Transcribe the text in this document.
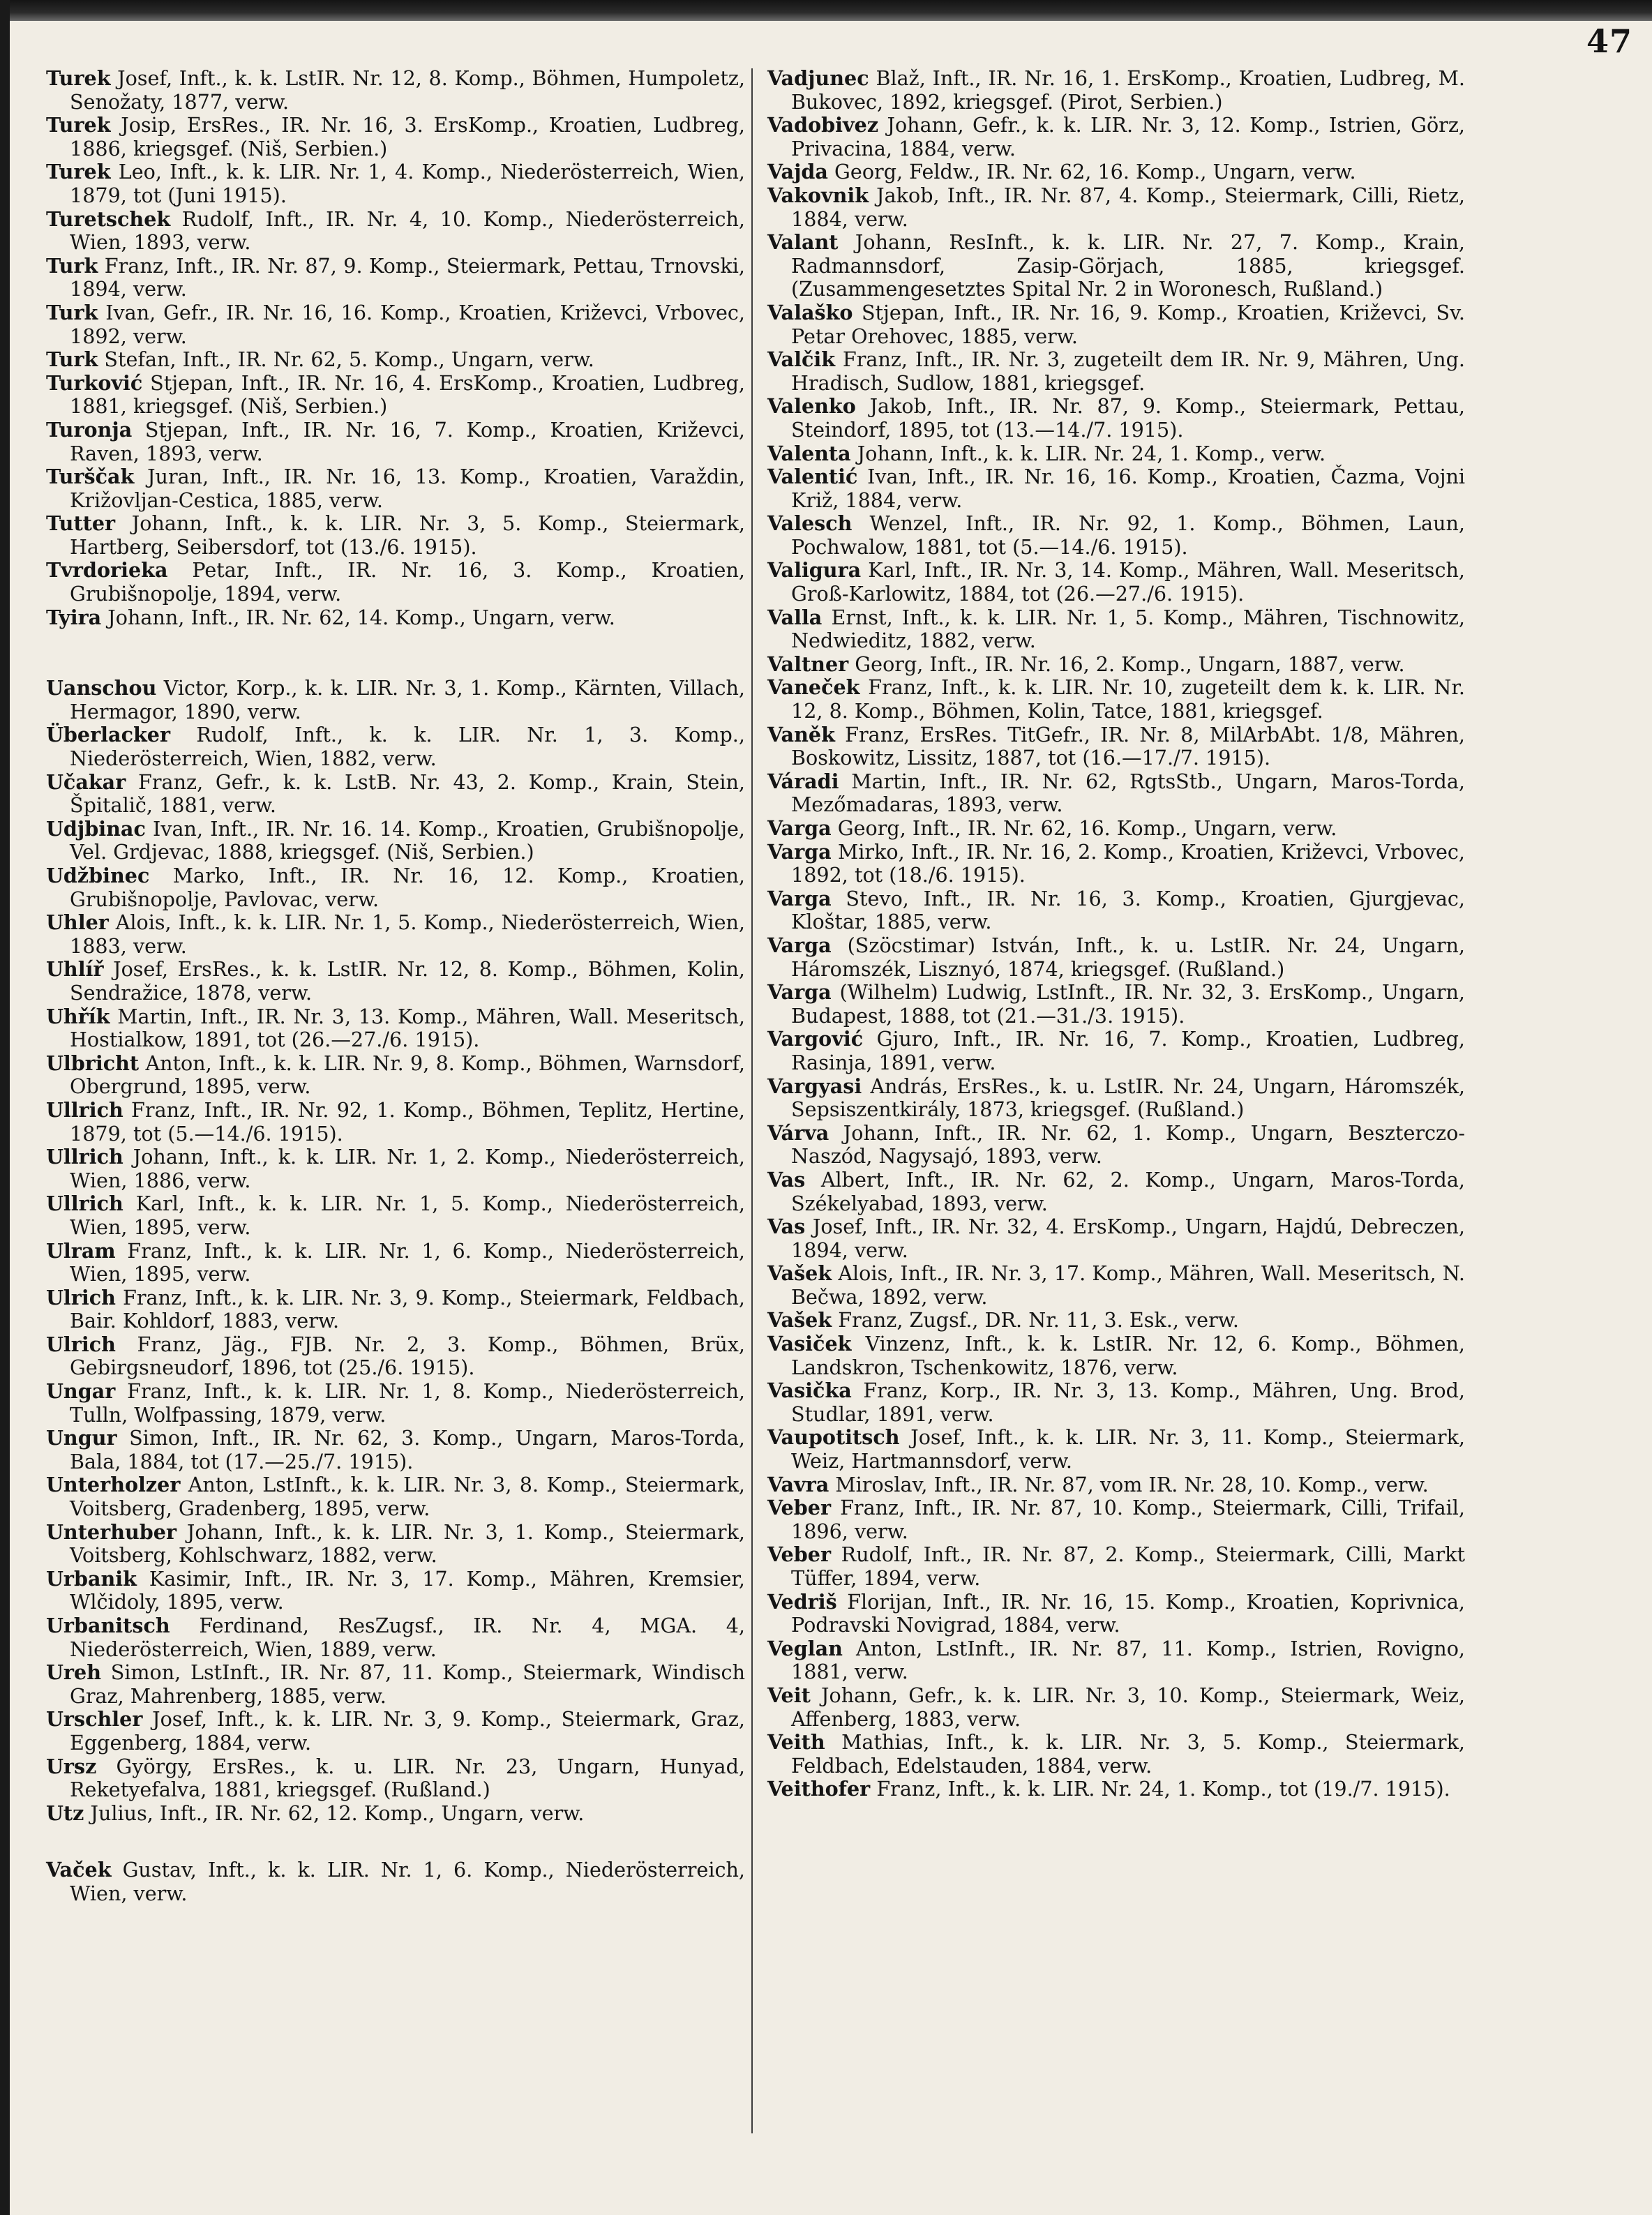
47

Turek Josef, Inft., k. k. LstIR. Nr. 12, 8. Komp., Böhmen, Humpoletz, Senožaty, 1877, verw.

Turek Josip, ErsRes., IR. Nr. 16, 3. ErsKomp., Kroatien, Ludbreg, 1886, kriegsgef. (Niš, Serbien.)

Turek Leo, Inft., k. k. LIR. Nr. 1, 4. Komp., Niederösterreich, Wien, 1879, tot (Juni 1915).

Turetschek Rudolf, Inft., IR. Nr. 4, 10. Komp., Niederösterreich, Wien, 1893, verw.

Turk Franz, Inft., IR. Nr. 87, 9. Komp., Steiermark, Pettau, Trnovski, 1894, verw.

Turk Ivan, Gefr., IR. Nr. 16, 16. Komp., Kroatien, Križevci, Vrbovec, 1892, verw.

Turk Stefan, Inft., IR. Nr. 62, 5. Komp., Ungarn, verw.

Turković Stjepan, Inft., IR. Nr. 16, 4. ErsKomp., Kroatien, Ludbreg, 1881, kriegsgef. (Niš, Serbien.)

Turonja Stjepan, Inft., IR. Nr. 16, 7. Komp., Kroatien, Križevci, Raven, 1893, verw.

Turščak Juran, Inft., IR. Nr. 16, 13. Komp., Kroatien, Varaždin, Križovljan-Cestica, 1885, verw.

Tutter Johann, Inft., k. k. LIR. Nr. 3, 5. Komp., Steiermark, Hartberg, Seibersdorf, tot (13./6. 1915).

Tvrdorieka Petar, Inft., IR. Nr. 16, 3. Komp., Kroatien, Grubišnopolje, 1894, verw.

Tyira Johann, Inft., IR. Nr. 62, 14. Komp., Ungarn, verw.

Uanschou Victor, Korp., k. k. LIR. Nr. 3, 1. Komp., Kärnten, Villach, Hermagor, 1890, verw.

Überlacker Rudolf, Inft., k. k. LIR. Nr. 1, 3. Komp., Niederösterreich, Wien, 1882, verw.

Učakar Franz, Gefr., k. k. LstB. Nr. 43, 2. Komp., Krain, Stein, Špitalič, 1881, verw.

Udjbinac Ivan, Inft., IR. Nr. 16. 14. Komp., Kroatien, Grubišnopolje, Vel. Grdjevac, 1888, kriegsgef. (Niš, Serbien.)

Udžbinec Marko, Inft., IR. Nr. 16, 12. Komp., Kroatien, Grubišnopolje, Pavlovac, verw.

Uhler Alois, Inft., k. k. LIR. Nr. 1, 5. Komp., Niederösterreich, Wien, 1883, verw.

Uhlíř Josef, ErsRes., k. k. LstIR. Nr. 12, 8. Komp., Böhmen, Kolin, Sendražice, 1878, verw.

Uhřík Martin, Inft., IR. Nr. 3, 13. Komp., Mähren, Wall. Meseritsch, Hostialkow, 1891, tot (26.—27./6. 1915).

Ulbricht Anton, Inft., k. k. LIR. Nr. 9, 8. Komp., Böhmen, Warnsdorf, Obergrund, 1895, verw.

Ullrich Franz, Inft., IR. Nr. 92, 1. Komp., Böhmen, Teplitz, Hertine, 1879, tot (5.—14./6. 1915).

Ullrich Johann, Inft., k. k. LIR. Nr. 1, 2. Komp., Niederösterreich, Wien, 1886, verw.

Ullrich Karl, Inft., k. k. LIR. Nr. 1, 5. Komp., Niederösterreich, Wien, 1895, verw.

Ulram Franz, Inft., k. k. LIR. Nr. 1, 6. Komp., Niederösterreich, Wien, 1895, verw.

Ulrich Franz, Inft., k. k. LIR. Nr. 3, 9. Komp., Steiermark, Feldbach, Bair. Kohldorf, 1883, verw.

Ulrich Franz, Jäg., FJB. Nr. 2, 3. Komp., Böhmen, Brüx, Gebirgsneudorf, 1896, tot (25./6. 1915).

Ungar Franz, Inft., k. k. LIR. Nr. 1, 8. Komp., Niederösterreich, Tulln, Wolfpassing, 1879, verw.

Ungur Simon, Inft., IR. Nr. 62, 3. Komp., Ungarn, Maros-Torda, Bala, 1884, tot (17.—25./7. 1915).

Unterholzer Anton, LstInft., k. k. LIR. Nr. 3, 8. Komp., Steiermark, Voitsberg, Gradenberg, 1895, verw.

Unterhuber Johann, Inft., k. k. LIR. Nr. 3, 1. Komp., Steiermark, Voitsberg, Kohlschwarz, 1882, verw.

Urbanik Kasimir, Inft., IR. Nr. 3, 17. Komp., Mähren, Kremsier, Wlčidoly, 1895, verw.

Urbanitsch Ferdinand, ResZugsf., IR. Nr. 4, MGA. 4, Niederösterreich, Wien, 1889, verw.

Ureh Simon, LstInft., IR. Nr. 87, 11. Komp., Steiermark, Windisch Graz, Mahrenberg, 1885, verw.

Urschler Josef, Inft., k. k. LIR. Nr. 3, 9. Komp., Steiermark, Graz, Eggenberg, 1884, verw.

Ursz György, ErsRes., k. u. LIR. Nr. 23, Ungarn, Hunyad, Reketyefalva, 1881, kriegsgef. (Rußland.)

Utz Julius, Inft., IR. Nr. 62, 12. Komp., Ungarn, verw.

Vaček Gustav, Inft., k. k. LIR. Nr. 1, 6. Komp., Niederösterreich, Wien, verw.

Vadjunec Blaž, Inft., IR. Nr. 16, 1. ErsKomp., Kroatien, Ludbreg, M. Bukovec, 1892, kriegsgef. (Pirot, Serbien.)

Vadobivez Johann, Gefr., k. k. LIR. Nr. 3, 12. Komp., Istrien, Görz, Privacina, 1884, verw.

Vajda Georg, Feldw., IR. Nr. 62, 16. Komp., Ungarn, verw.

Vakovnik Jakob, Inft., IR. Nr. 87, 4. Komp., Steiermark, Cilli, Rietz, 1884, verw.

Valant Johann, ResInft., k. k. LIR. Nr. 27, 7. Komp., Krain, Radmannsdorf, Zasip-Görjach, 1885, kriegsgef. (Zusammengesetztes Spital Nr. 2 in Woronesch, Rußland.)

Valaško Stjepan, Inft., IR. Nr. 16, 9. Komp., Kroatien, Križevci, Sv. Petar Orehovec, 1885, verw.

Valčik Franz, Inft., IR. Nr. 3, zugeteilt dem IR. Nr. 9, Mähren, Ung. Hradisch, Sudlow, 1881, kriegsgef.

Valenko Jakob, Inft., IR. Nr. 87, 9. Komp., Steiermark, Pettau, Steindorf, 1895, tot (13.—14./7. 1915).

Valenta Johann, Inft., k. k. LIR. Nr. 24, 1. Komp., verw.

Valentić Ivan, Inft., IR. Nr. 16, 16. Komp., Kroatien, Čazma, Vojni Križ, 1884, verw.

Valesch Wenzel, Inft., IR. Nr. 92, 1. Komp., Böhmen, Laun, Pochwalow, 1881, tot (5.—14./6. 1915).

Valigura Karl, Inft., IR. Nr. 3, 14. Komp., Mähren, Wall. Meseritsch, Groß-Karlowitz, 1884, tot (26.—27./6. 1915).

Valla Ernst, Inft., k. k. LIR. Nr. 1, 5. Komp., Mähren, Tischnowitz, Nedwieditz, 1882, verw.

Valtner Georg, Inft., IR. Nr. 16, 2. Komp., Ungarn, 1887, verw.

Vaneček Franz, Inft., k. k. LIR. Nr. 10, zugeteilt dem k. k. LIR. Nr. 12, 8. Komp., Böhmen, Kolin, Tatce, 1881, kriegsgef.

Vaněk Franz, ErsRes. TitGefr., IR. Nr. 8, MilArbAbt. 1/8, Mähren, Boskowitz, Lissitz, 1887, tot (16.—17./7. 1915).

Váradi Martin, Inft., IR. Nr. 62, RgtsStb., Ungarn, Maros-Torda, Mezőmadaras, 1893, verw.

Varga Georg, Inft., IR. Nr. 62, 16. Komp., Ungarn, verw.

Varga Mirko, Inft., IR. Nr. 16, 2. Komp., Kroatien, Križevci, Vrbovec, 1892, tot (18./6. 1915).

Varga Stevo, Inft., IR. Nr. 16, 3. Komp., Kroatien, Gjurgjevac, Kloštar, 1885, verw.

Varga (Szöcstimar) István, Inft., k. u. LstIR. Nr. 24, Ungarn, Háromszék, Lisznyó, 1874, kriegsgef. (Rußland.)

Varga (Wilhelm) Ludwig, LstInft., IR. Nr. 32, 3. ErsKomp., Ungarn, Budapest, 1888, tot (21.—31./3. 1915).

Vargović Gjuro, Inft., IR. Nr. 16, 7. Komp., Kroatien, Ludbreg, Rasinja, 1891, verw.

Vargyasi András, ErsRes., k. u. LstIR. Nr. 24, Ungarn, Háromszék, Sepsiszentkirály, 1873, kriegsgef. (Rußland.)

Várva Johann, Inft., IR. Nr. 62, 1. Komp., Ungarn, Beszterczo-Naszód, Nagysajó, 1893, verw.

Vas Albert, Inft., IR. Nr. 62, 2. Komp., Ungarn, Maros-Torda, Székelyabad, 1893, verw.

Vas Josef, Inft., IR. Nr. 32, 4. ErsKomp., Ungarn, Hajdú, Debreczen, 1894, verw.

Vašek Alois, Inft., IR. Nr. 3, 17. Komp., Mähren, Wall. Meseritsch, N. Bečwa, 1892, verw.

Vašek Franz, Zugsf., DR. Nr. 11, 3. Esk., verw.

Vasiček Vinzenz, Inft., k. k. LstIR. Nr. 12, 6. Komp., Böhmen, Landskron, Tschenkowitz, 1876, verw.

Vasička Franz, Korp., IR. Nr. 3, 13. Komp., Mähren, Ung. Brod, Studlar, 1891, verw.

Vaupotitsch Josef, Inft., k. k. LIR. Nr. 3, 11. Komp., Steiermark, Weiz, Hartmannsdorf, verw.

Vavra Miroslav, Inft., IR. Nr. 87, vom IR. Nr. 28, 10. Komp., verw.

Veber Franz, Inft., IR. Nr. 87, 10. Komp., Steiermark, Cilli, Trifail, 1896, verw.

Veber Rudolf, Inft., IR. Nr. 87, 2. Komp., Steiermark, Cilli, Markt Tüffer, 1894, verw.

Vedriš Florijan, Inft., IR. Nr. 16, 15. Komp., Kroatien, Koprivnica, Podravski Novigrad, 1884, verw.

Veglan Anton, LstInft., IR. Nr. 87, 11. Komp., Istrien, Rovigno, 1881, verw.

Veit Johann, Gefr., k. k. LIR. Nr. 3, 10. Komp., Steiermark, Weiz, Affenberg, 1883, verw.

Veith Mathias, Inft., k. k. LIR. Nr. 3, 5. Komp., Steiermark, Feldbach, Edelstauden, 1884, verw.

Veithofer Franz, Inft., k. k. LIR. Nr. 24, 1. Komp., tot (19./7. 1915).
